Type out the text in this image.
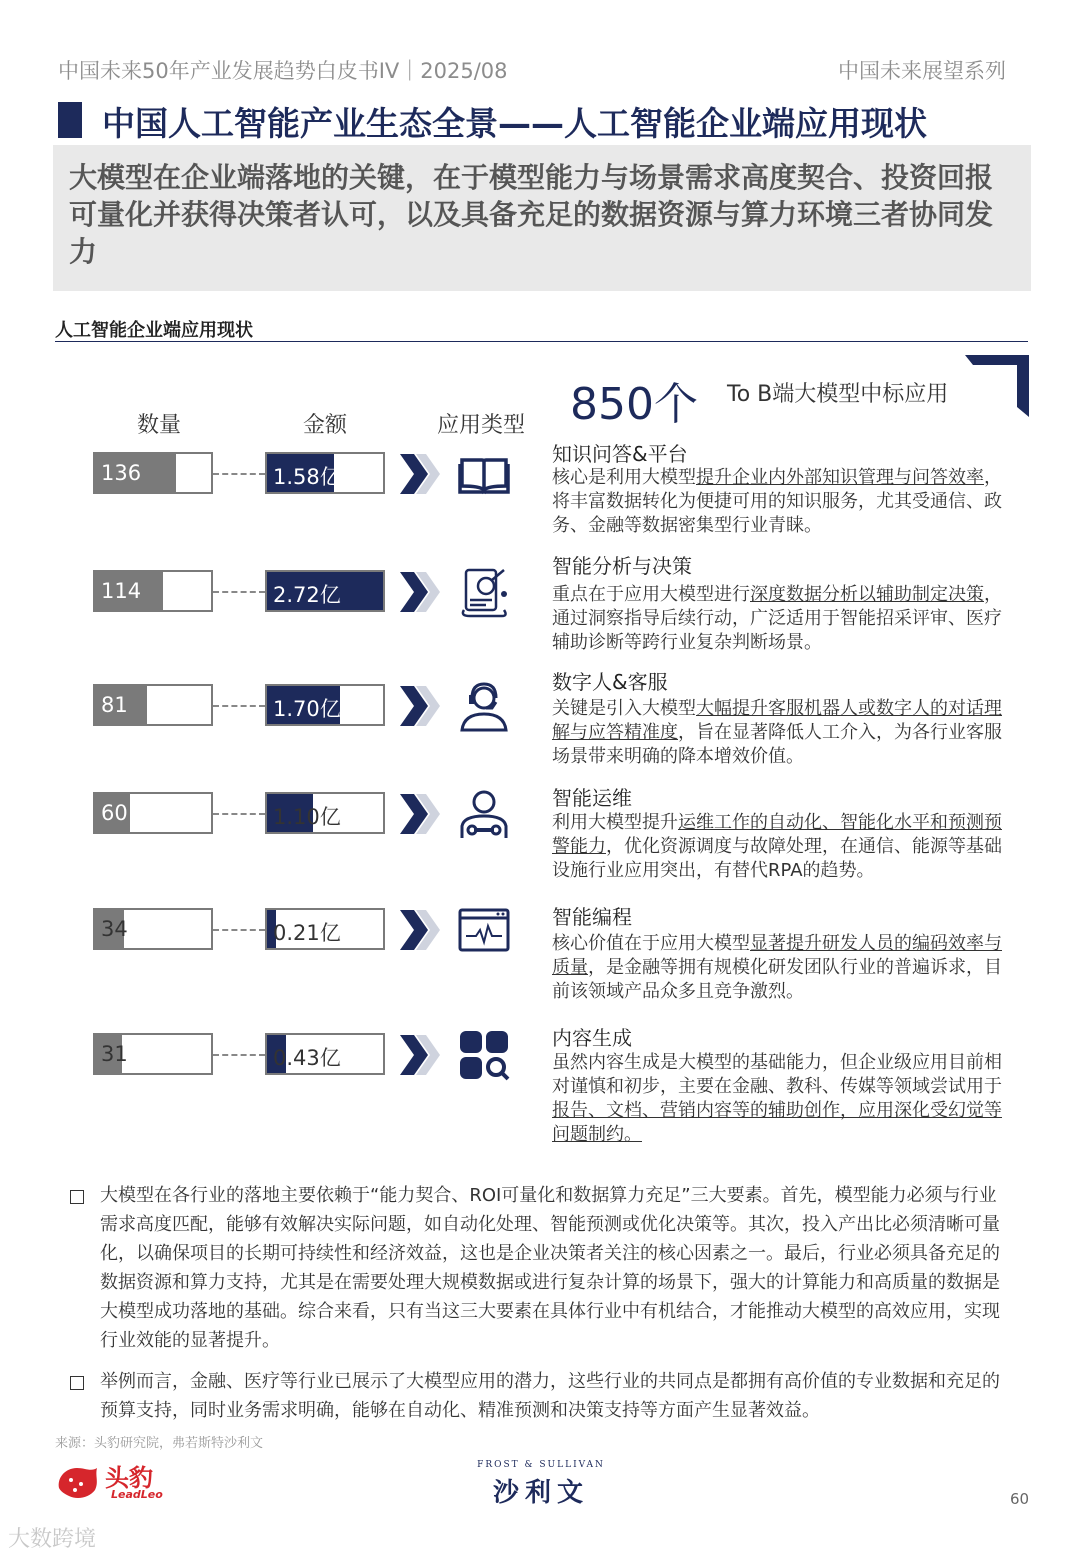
中国未来50年产业发展趋势白皮书IV｜2025/08	中国未来展望系列
中国人工智能产业生态全景——人工智能企业端应用现状
大模型在企业端落地的关键，在于模型能力与场景需求高度契合、投资回报可量化并获得决策者认可，以及具备充足的数据资源与算力环境三者协同发力
人工智能企业端应用现状
数量	金额	应用类型 850个 To B端大模型中标应用
136	1.58亿
知识问答&平台
核心是利用大模型提升企业内外部知识管理与问答效率，将丰富数据转化为便捷可用的知识服务，尤其受通信、政务、金融等数据密集型行业青睐。
114	2.72亿
智能分析与决策
重点在于应用大模型进行深度数据分析以辅助制定决策，通过洞察指导后续行动，广泛适用于智能招采评审、医疗辅助诊断等跨行业复杂判断场景。
81	1.70亿
数字人&客服
关键是引入大模型大幅提升客服机器人或数字人的对话理解与应答精准度，旨在显著降低人工介入，为各行业客服场景带来明确的降本增效价值。
60	1.10亿
智能运维
利用大模型提升运维工作的自动化、智能化水平和预测预警能力，优化资源调度与故障处理，在通信、能源等基础设施行业应用突出，有替代RPA的趋势。
34	0.21亿
智能编程
核心价值在于应用大模型显著提升研发人员的编码效率与质量，是金融等拥有规模化研发团队行业的普遍诉求，目前该领域产品众多且竞争激烈。
31	0.43亿
内容生成
虽然内容生成是大模型的基础能力，但企业级应用目前相对谨慎和初步，主要在金融、教科、传媒等领域尝试用于报告、文档、营销内容等的辅助创作，应用深化受幻觉等问题制约。
大模型在各行业的落地主要依赖于“能力契合、ROI可量化和数据算力充足”三大要素。首先，模型能力必须与行业需求高度匹配，能够有效解决实际问题，如自动化处理、智能预测或优化决策等。其次，投入产出比必须清晰可量化，以确保项目的长期可持续性和经济效益，这也是企业决策者关注的核心因素之一。最后，行业必须具备充足的数据资源和算力支持，尤其是在需要处理大规模数据或进行复杂计算的场景下，强大的计算能力和高质量的数据是大模型成功落地的基础。综合来看，只有当这三大要素在具体行业中有机结合，才能推动大模型的高效应用，实现行业效能的显著提升。
举例而言，金融、医疗等行业已展示了大模型应用的潜力，这些行业的共同点是都拥有高价值的专业数据和充足的预算支持，同时业务需求明确，能够在自动化、精准预测和决策支持等方面产生显著效益。
来源：头豹研究院，弗若斯特沙利文
头豹
LeadLeo
FROST & SULLIVAN
沙利文	60
大数跨境
